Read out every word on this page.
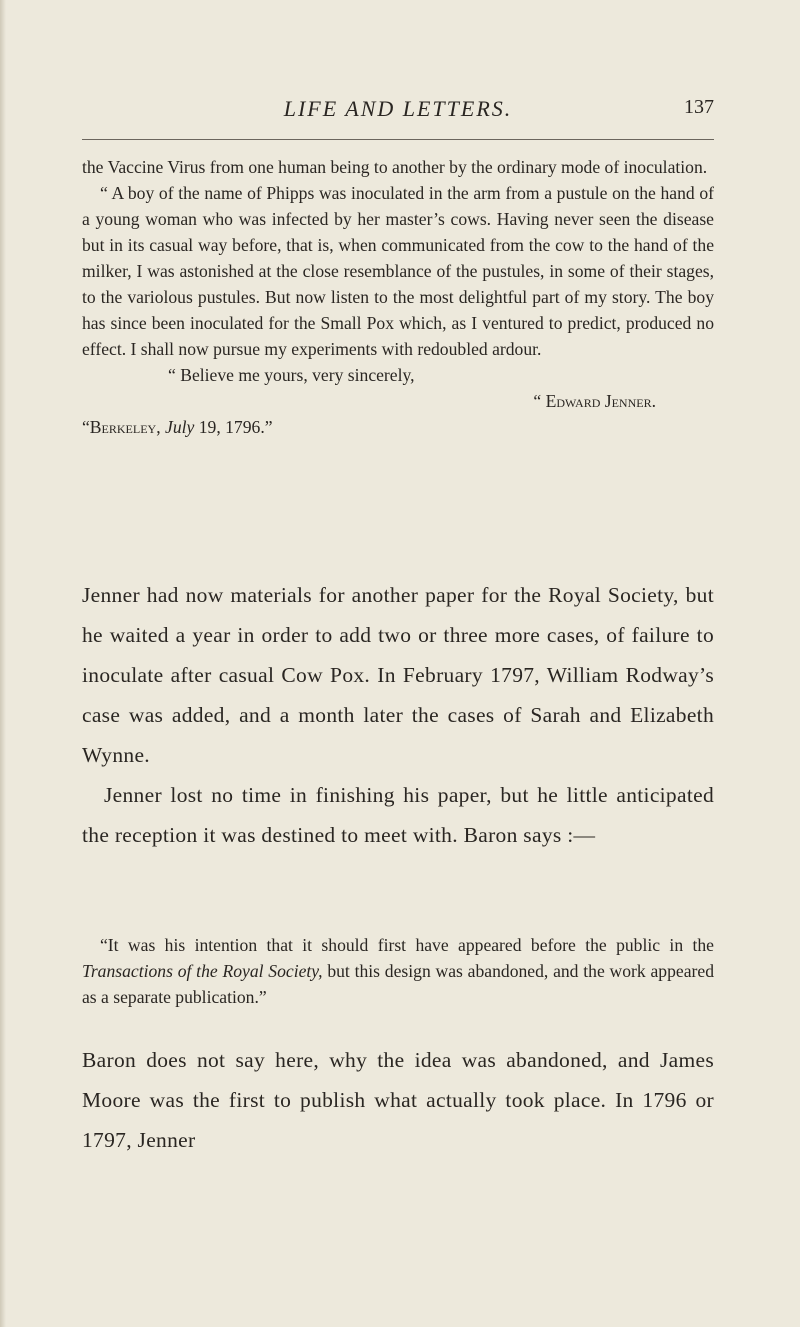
LIFE AND LETTERS.	137

the Vaccine Virus from one human being to another by the ordinary mode of inoculation.

“ A boy of the name of Phipps was inoculated in the arm from a pustule on the hand of a young woman who was infected by her master’s cows. Having never seen the disease but in its casual way before, that is, when communicated from the cow to the hand of the milker, I was astonished at the close resemblance of the pustules, in some of their stages, to the variolous pustules. But now listen to the most delightful part of my story. The boy has since been inoculated for the Small Pox which, as I ventured to predict, produced no effect. I shall now pursue my experiments with redoubled ardour.

“ Believe me yours, very sincerely,
“ Edward Jenner.
“Berkeley, July 19, 1796.”

Jenner had now materials for another paper for the Royal Society, but he waited a year in order to add two or three more cases, of failure to inoculate after casual Cow Pox. In February 1797, William Rodway’s case was added, and a month later the cases of Sarah and Elizabeth Wynne.

Jenner lost no time in finishing his paper, but he little anticipated the reception it was destined to meet with. Baron says :—

“It was his intention that it should first have appeared before the public in the Transactions of the Royal Society, but this design was abandoned, and the work appeared as a separate publication.”

Baron does not say here, why the idea was abandoned, and James Moore was the first to publish what actually took place. In 1796 or 1797, Jenner
